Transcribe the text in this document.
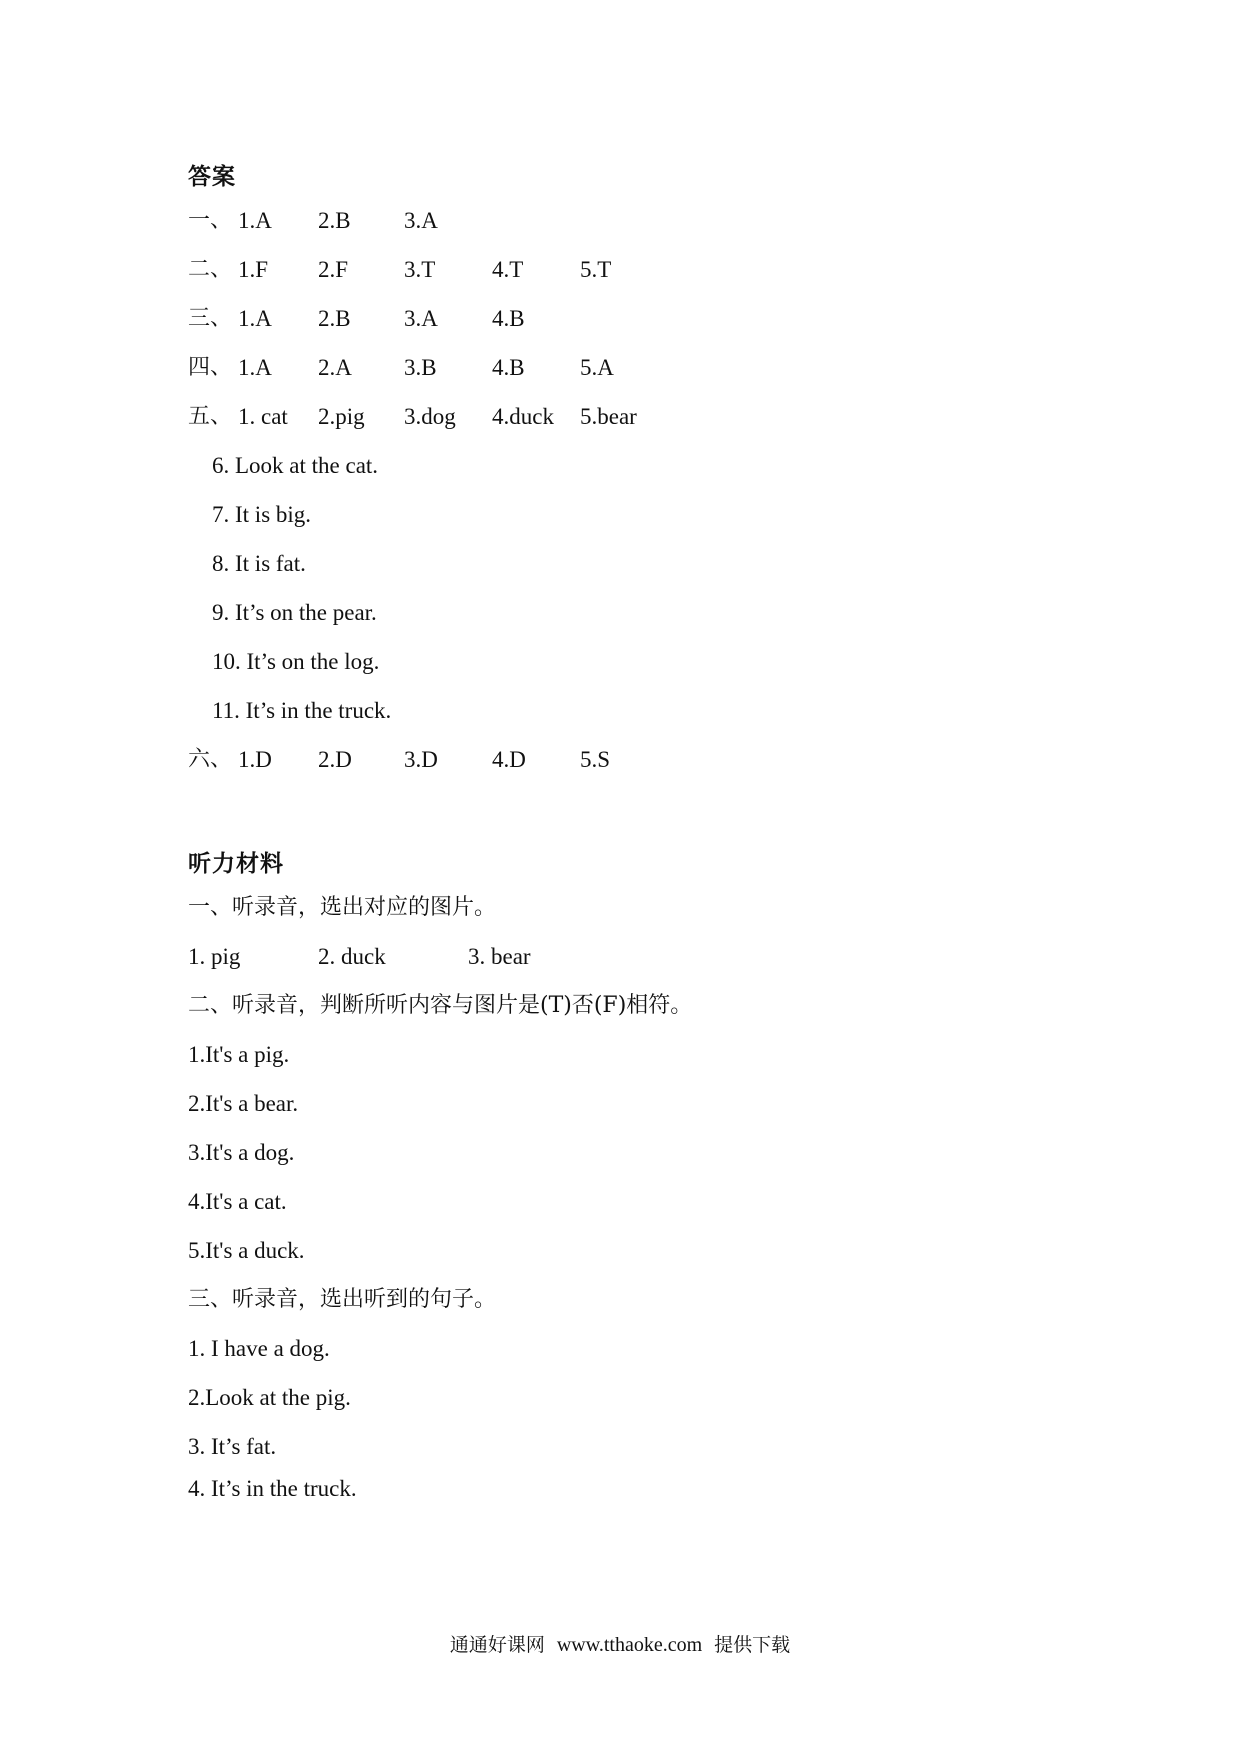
答案
一、 1.A 2.B 3.A
二、 1.F 2.F 3.T 4.T 5.T
三、 1.A 2.B 3.A 4.B
四、 1.A 2.A 3.B 4.B 5.A
五、 1. cat 2.pig 3.dog 4.duck 5.bear
6. Look at the cat.
7. It is big.
8. It is fat.
9. It’s on the pear.
10. It’s on the log.
11. It’s in the truck.
六、 1.D 2.D 3.D 4.D 5.S
听力材料
一、听录音，选出对应的图片。
1. pig	2. duck	3. bear
二、听录音，判断所听内容与图片是(T)否(F)相符。
1.It's a pig.
2.It's a bear.
3.It's a dog.
4.It's a cat.
5.It's a duck.
三、听录音，选出听到的句子。
1. I have a dog.
2.Look at the pig.
3. It’s fat.
4. It’s in the truck.
通通好课网 www.tthaoke.com 提供下载
